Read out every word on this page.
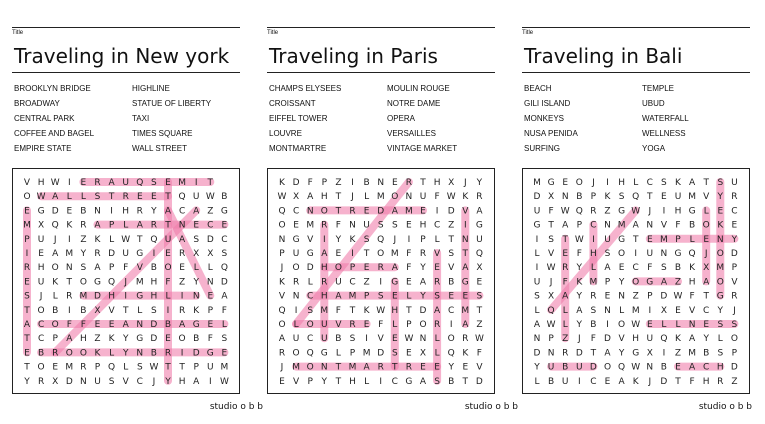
Title
Traveling in New york
BROOKLYN BRIDGE
BROADWAY
CENTRAL PARK
COFFEE AND BAGEL
EMPIRE STATE
HIGHLINE
STATUE OF LIBERTY
TAXI
TIMES SQUARE
WALL STREET
V H W I E R A U Q S E M I T
O W A L L S T R E E T Q U W B
E G D E B N I H R Y A C A Z G
M X Q K R A P L A R T N E C E
P U J I Z K L W T Q U A S D C
I E A M Y R D U G I E R X X S
R H O N S A P F V B O E L L Q
E U K T O G Q J M H F Z Y N D
S J L R M D H I G H L I N E A
T O B I B X V T L S I R K P F
A C O F F E E A N D B A G E L
T C P A H Z K Y G D E O B F S
E B R O O K L Y N B R I D G E
T O E M R P Q L S W T T P U M
Y R X D N U S V C J Y H A I W
Title
Traveling in Paris
CHAMPS ELYSEES
CROISSANT
EIFFEL TOWER
LOUVRE
MONTMARTRE
MOULIN ROUGE
NOTRE DAME
OPERA
VERSAILLES
VINTAGE MARKET
K D F P Z I B N E R T H X J Y
W X A H T J L M O N U F W K R
Q C N O T R E D A M E I D V A
O E M R F N U S S E H C Z I G
N G V I Y K S Q J I P L T N U
P U G A E I T O M F R V S T Q
J O D H O P E R A F Y E V A X
K R L R U C Z I G E A R B G E
V N C H A M P S E L Y S E E S
Q I S M F T K W H T D A C M T
O L O U V R E F L P O R I A Z
A U C U B S I V E W N L O R W
R O Q G L P M D S E X L Q K F
J M O N T M A R T R E E Y E V
E V P Y T H L I C G A S B T D
Title
Traveling in Bali
BEACH
GILI ISLAND
MONKEYS
NUSA PENIDA
SURFING
TEMPLE
UBUD
WATERFALL
WELLNESS
YOGA
M G E O J I H L C S K A T S U
D X N B P K S Q T E U M V Y R
U F W Q R Z G W J I H G L E C
G T A P C N M A N V F B O K E
I S T W I U G T E M P L E N Y
L V E F H S O I U N G Q J O D
I W R Y L A E C F S B K X M P
U J F K M P Y O G A Z H A O V
S X A Y R E N Z P D W F T G R
L Q L A S N L M I X E V C Y J
A W L Y B I O W E L L N E S S
N P Z J F D V H U Q K A Y L O
D N R D T A Y G X I Z M B S P
Y U B U D O Q W N B E A C H D
L B U I C E A K J D T F H R Z
studio o b b	studio o b b	studio o b b
